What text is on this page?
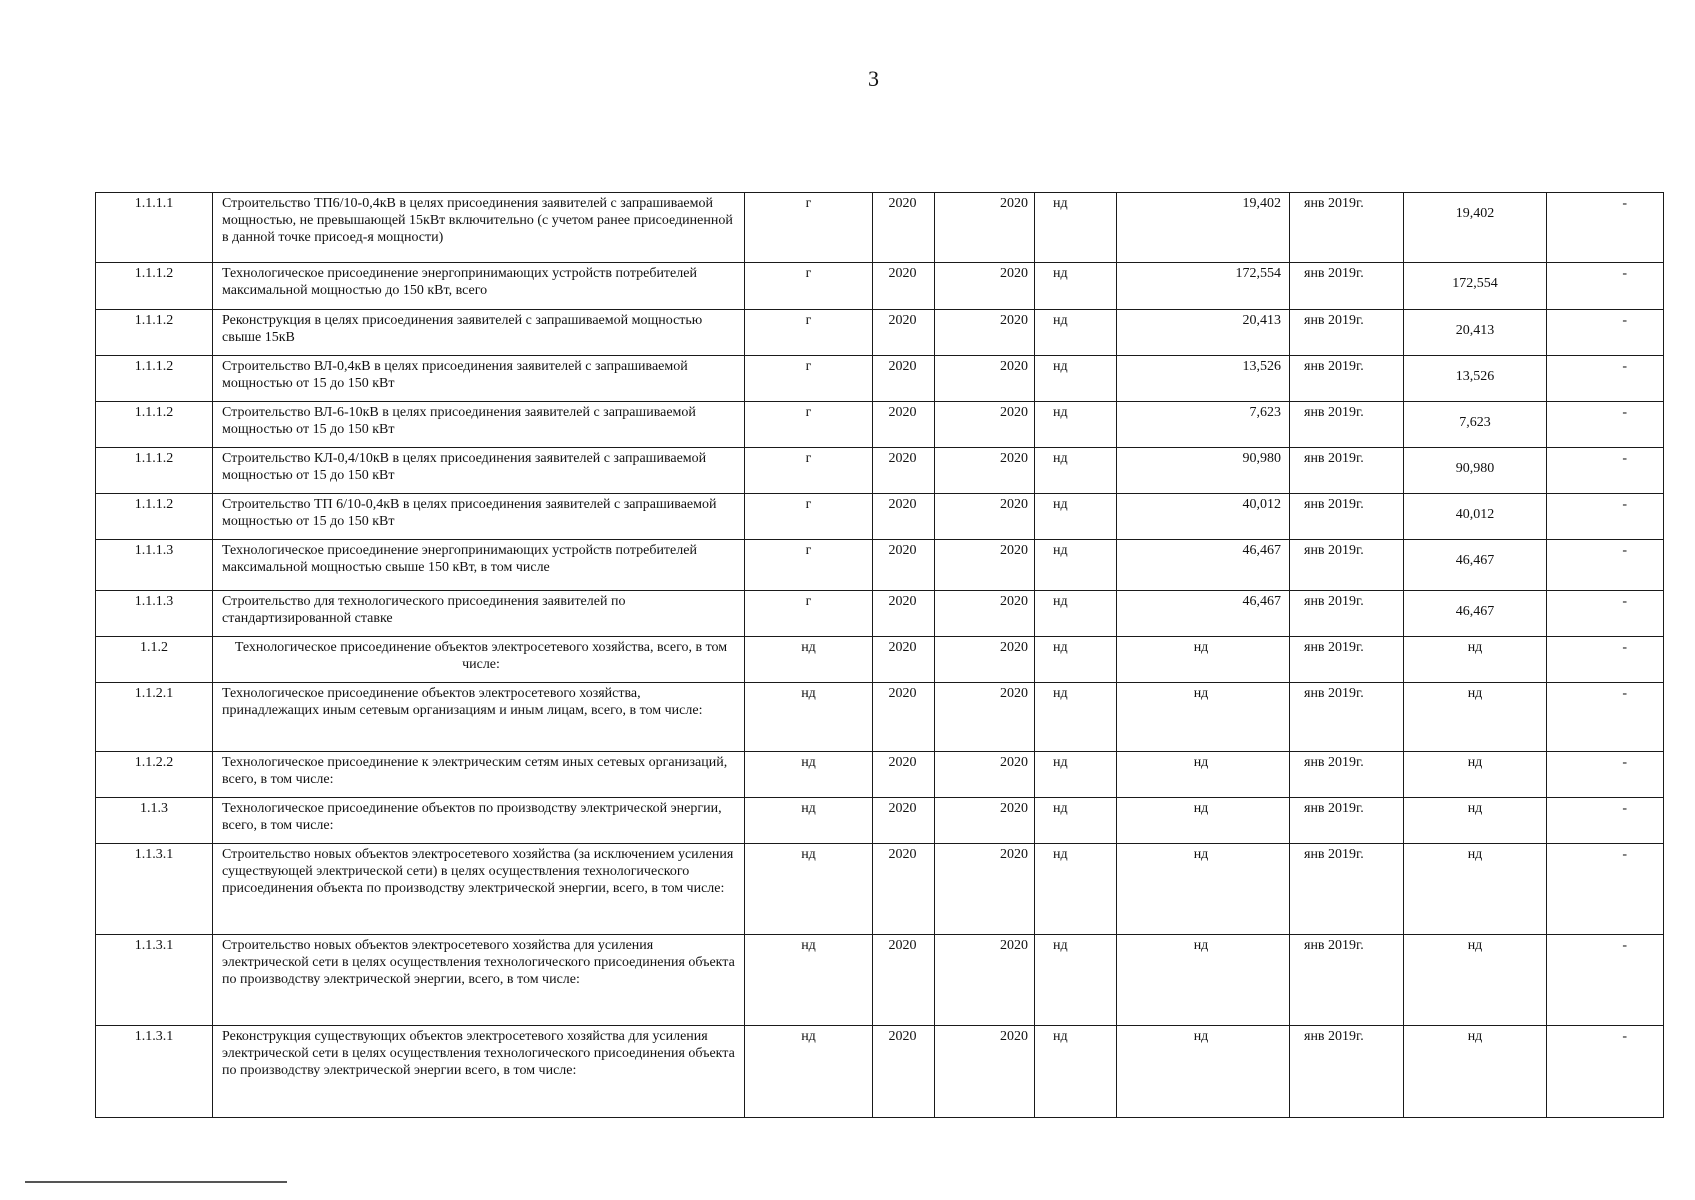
3
1.1.1.1	Строительство ТП6/10-0,4кВ в целях присоединения заявителей с запрашиваемой мощностью, не превышающей 15кВт включительно (с учетом ранее присоединенной в данной точке присоед-я мощности)	г	2020	2020	нд	19,402	янв 2019г.	19,402	-
1.1.1.2	Технологическое присоединение энергопринимающих устройств потребителей максимальной мощностью до 150 кВт, всего	г	2020	2020	нд	172,554	янв 2019г.	172,554	-
1.1.1.2	Реконструкция в целях присоединения заявителей с запрашиваемой мощностью свыше 15кВ	г	2020	2020	нд	20,413	янв 2019г.	20,413	-
1.1.1.2	Строительство ВЛ-0,4кВ в целях присоединения заявителей с запрашиваемой мощностью от 15 до 150 кВт	г	2020	2020	нд	13,526	янв 2019г.	13,526	-
1.1.1.2	Строительство ВЛ-6-10кВ в целях присоединения заявителей с запрашиваемой мощностью от 15 до 150 кВт	г	2020	2020	нд	7,623	янв 2019г.	7,623	-
1.1.1.2	Строительство КЛ-0,4/10кВ в целях присоединения заявителей с запрашиваемой мощностью от 15 до 150 кВт	г	2020	2020	нд	90,980	янв 2019г.	90,980	-
1.1.1.2	Строительство ТП 6/10-0,4кВ в целях присоединения заявителей с запрашиваемой мощностью от 15 до 150 кВт	г	2020	2020	нд	40,012	янв 2019г.	40,012	-
1.1.1.3	Технологическое присоединение энергопринимающих устройств потребителей максимальной мощностью свыше 150 кВт, в том числе	г	2020	2020	нд	46,467	янв 2019г.	46,467	-
1.1.1.3	Строительство для технологического присоединения заявителей по стандартизированной ставке	г	2020	2020	нд	46,467	янв 2019г.	46,467	-
1.1.2	Технологическое присоединение объектов электросетевого хозяйства, всего, в том числе:	нд	2020	2020	нд	нд	янв 2019г.	нд	-
1.1.2.1	Технологическое присоединение объектов электросетевого хозяйства, принадлежащих иным сетевым организациям и иным лицам, всего, в том числе:	нд	2020	2020	нд	нд	янв 2019г.	нд	-
1.1.2.2	Технологическое присоединение к электрическим сетям иных сетевых организаций, всего, в том числе:	нд	2020	2020	нд	нд	янв 2019г.	нд	-
1.1.3	Технологическое присоединение объектов по производству электрической энергии, всего, в том числе:	нд	2020	2020	нд	нд	янв 2019г.	нд	-
1.1.3.1	Строительство новых объектов электросетевого хозяйства (за исключением усиления существующей электрической сети) в целях осуществления технологического присоединения объекта по производству электрической энергии, всего, в том числе:	нд	2020	2020	нд	нд	янв 2019г.	нд	-
1.1.3.1	Строительство новых объектов электросетевого хозяйства для усиления электрической сети в целях осуществления технологического присоединения объекта по производству электрической энергии, всего, в том числе:	нд	2020	2020	нд	нд	янв 2019г.	нд	-
1.1.3.1	Реконструкция существующих объектов электросетевого хозяйства для усиления электрической сети в целях осуществления технологического присоединения объекта по производству электрической энергии всего, в том числе:	нд	2020	2020	нд	нд	янв 2019г.	нд	-
